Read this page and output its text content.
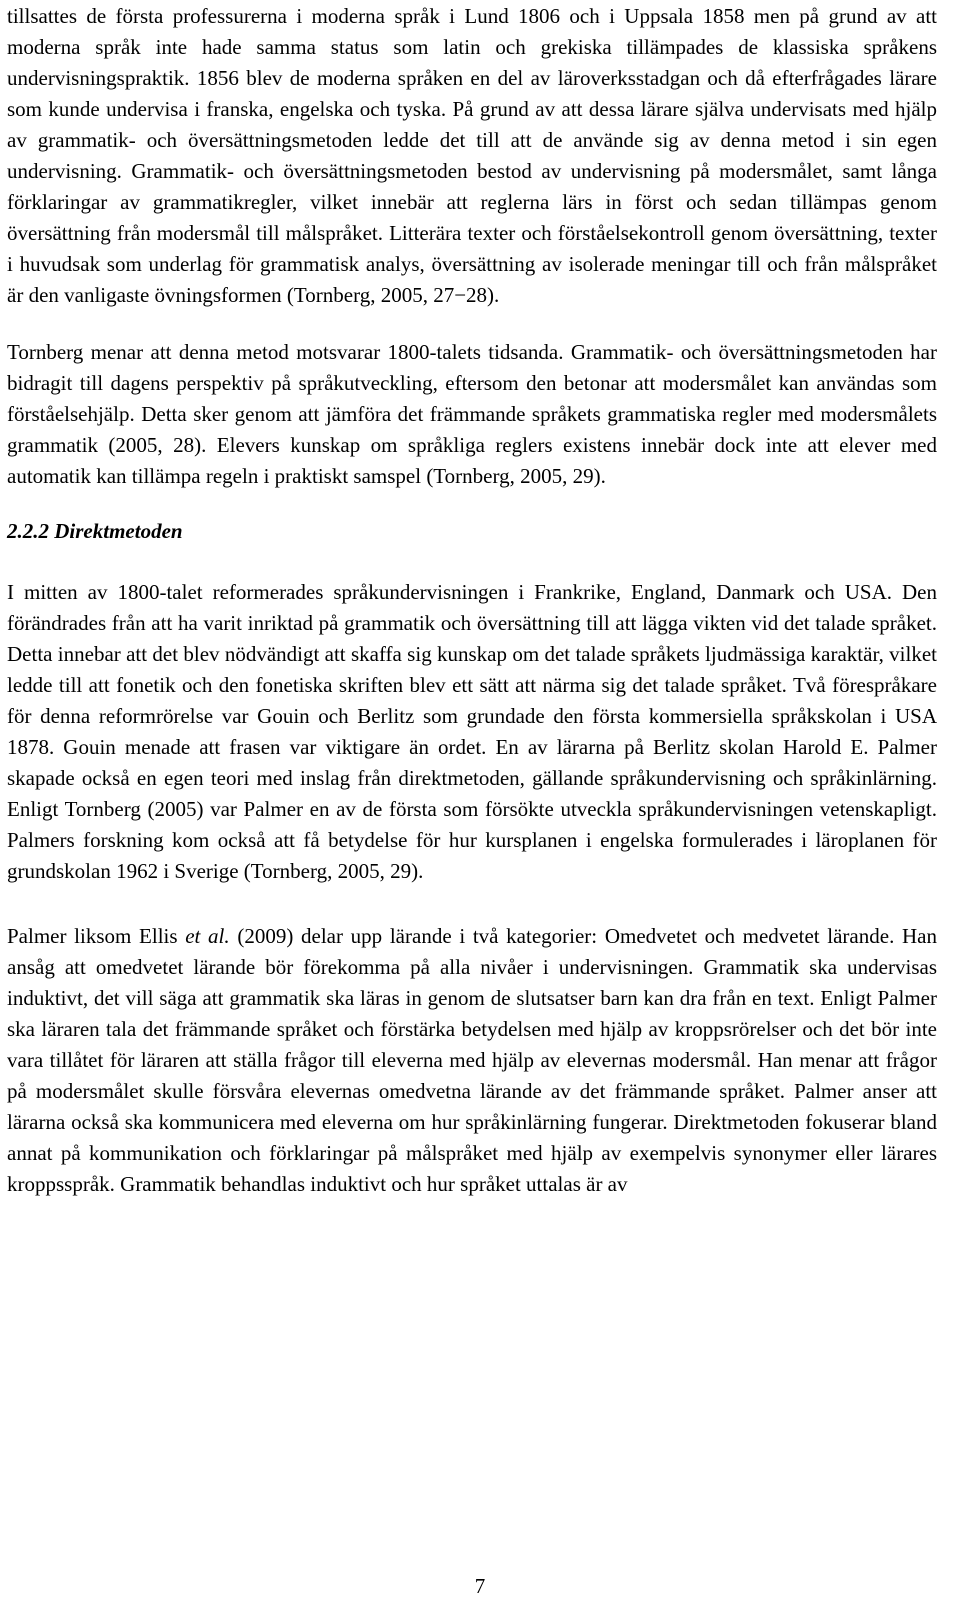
tillsattes de första professurerna i moderna språk i Lund 1806 och i Uppsala 1858 men på grund av att moderna språk inte hade samma status som latin och grekiska tillämpades de klassiska språkens undervisningspraktik. 1856 blev de moderna språken en del av läroverksstadgan och då efterfrågades lärare som kunde undervisa i franska, engelska och tyska. På grund av att dessa lärare själva undervisats med hjälp av grammatik- och översättningsmetoden ledde det till att de använde sig av denna metod i sin egen undervisning. Grammatik- och översättningsmetoden bestod av undervisning på modersmålet, samt långa förklaringar av grammatikregler, vilket innebär att reglerna lärs in först och sedan tillämpas genom översättning från modersmål till målspråket. Litterära texter och förståelsekontroll genom översättning, texter i huvudsak som underlag för grammatisk analys, översättning av isolerade meningar till och från målspråket är den vanligaste övningsformen (Tornberg, 2005, 27−28).

Tornberg menar att denna metod motsvarar 1800-talets tidsanda. Grammatik- och översättningsmetoden har bidragit till dagens perspektiv på språkutveckling, eftersom den betonar att modersmålet kan användas som förståelsehjälp. Detta sker genom att jämföra det främmande språkets grammatiska regler med modersmålets grammatik (2005, 28). Elevers kunskap om språkliga reglers existens innebär dock inte att elever med automatik kan tillämpa regeln i praktiskt samspel (Tornberg, 2005, 29).

2.2.2 Direktmetoden

I mitten av 1800-talet reformerades språkundervisningen i Frankrike, England, Danmark och USA. Den förändrades från att ha varit inriktad på grammatik och översättning till att lägga vikten vid det talade språket. Detta innebar att det blev nödvändigt att skaffa sig kunskap om det talade språkets ljudmässiga karaktär, vilket ledde till att fonetik och den fonetiska skriften blev ett sätt att närma sig det talade språket. Två förespråkare för denna reformrörelse var Gouin och Berlitz som grundade den första kommersiella språkskolan i USA 1878. Gouin menade att frasen var viktigare än ordet. En av lärarna på Berlitz skolan Harold E. Palmer skapade också en egen teori med inslag från direktmetoden, gällande språkundervisning och språkinlärning. Enligt Tornberg (2005) var Palmer en av de första som försökte utveckla språkundervisningen vetenskapligt. Palmers forskning kom också att få betydelse för hur kursplanen i engelska formulerades i läroplanen för grundskolan 1962 i Sverige (Tornberg, 2005, 29).

Palmer liksom Ellis et al. (2009) delar upp lärande i två kategorier: Omedvetet och medvetet lärande. Han ansåg att omedvetet lärande bör förekomma på alla nivåer i undervisningen. Grammatik ska undervisas induktivt, det vill säga att grammatik ska läras in genom de slutsatser barn kan dra från en text. Enligt Palmer ska läraren tala det främmande språket och förstärka betydelsen med hjälp av kroppsrörelser och det bör inte vara tillåtet för läraren att ställa frågor till eleverna med hjälp av elevernas modersmål. Han menar att frågor på modersmålet skulle försvåra elevernas omedvetna lärande av det främmande språket. Palmer anser att lärarna också ska kommunicera med eleverna om hur språkinlärning fungerar. Direktmetoden fokuserar bland annat på kommunikation och förklaringar på målspråket med hjälp av exempelvis synonymer eller lärares kroppsspråk. Grammatik behandlas induktivt och hur språket uttalas är av

7
